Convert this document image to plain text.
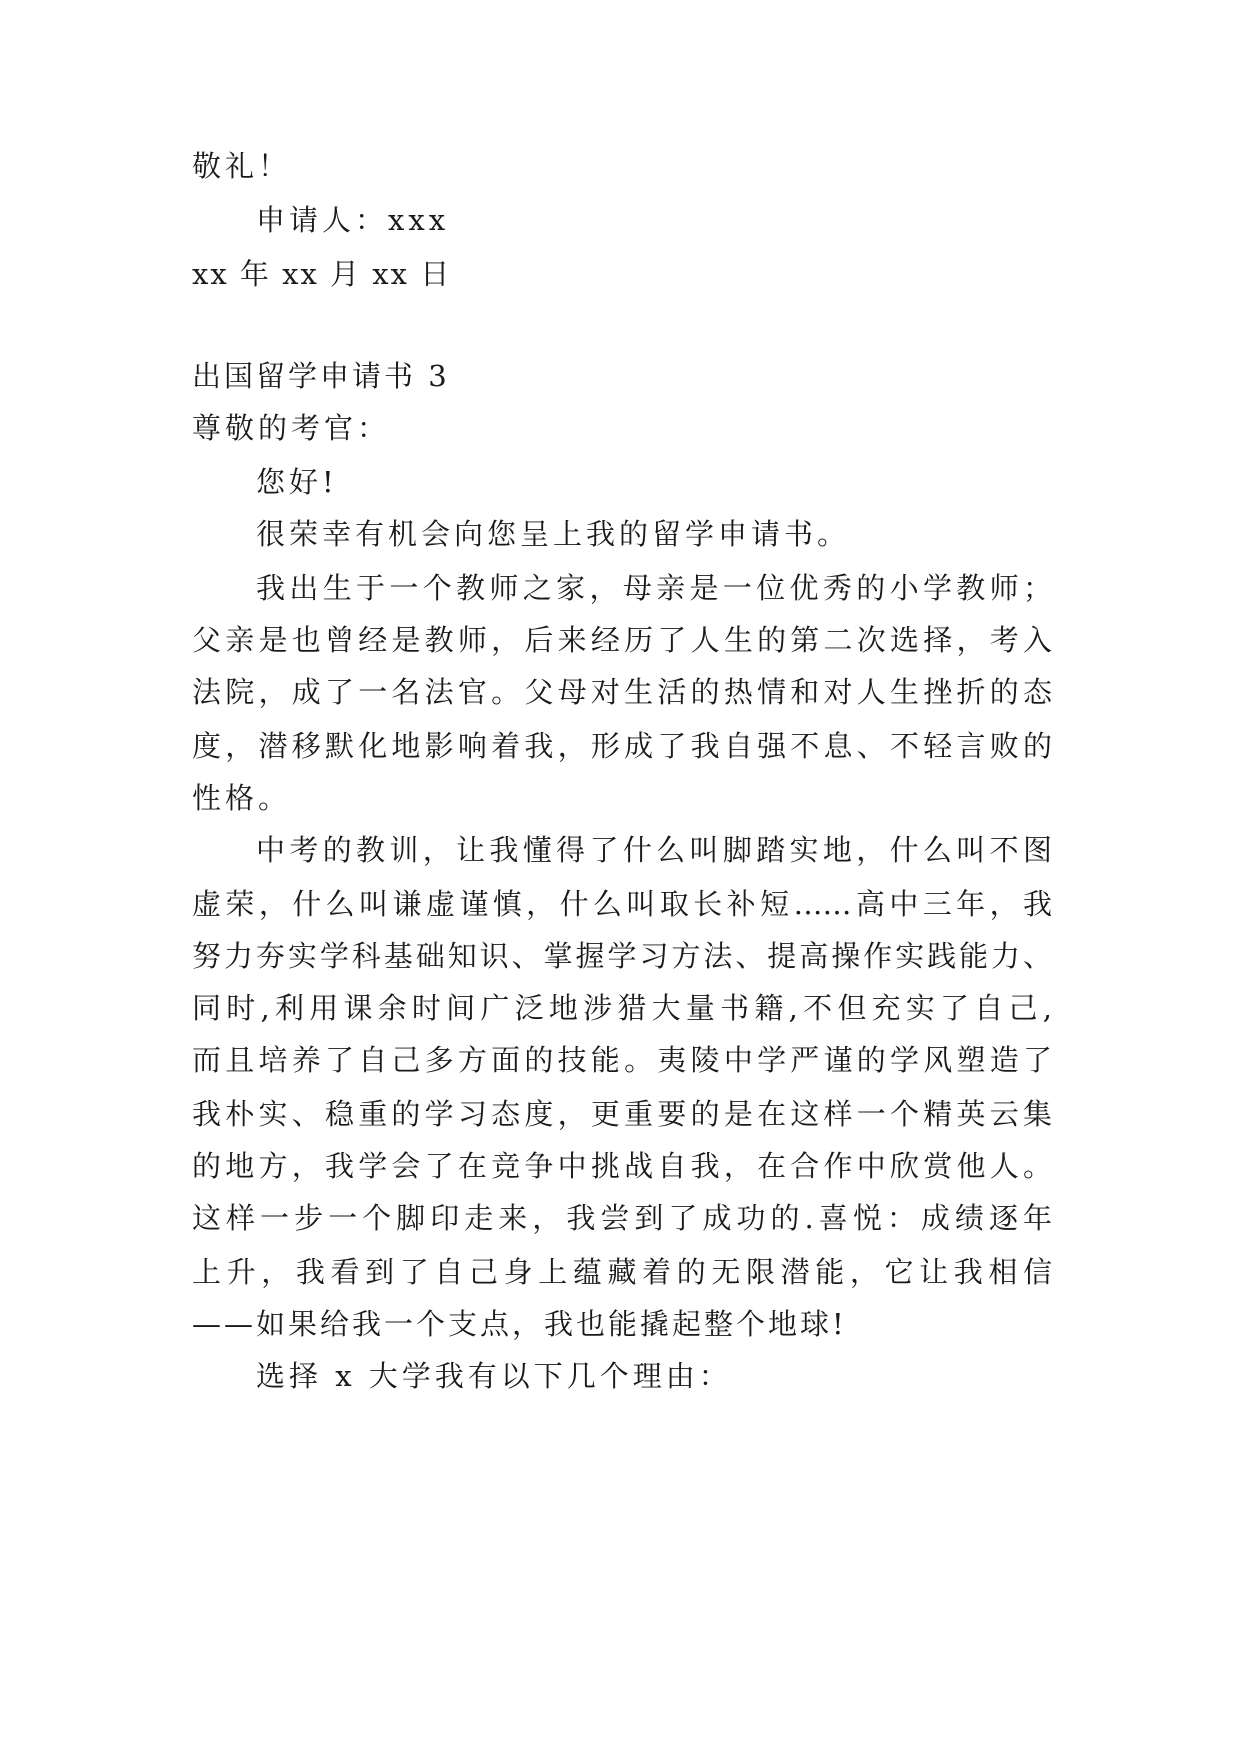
敬礼！
申请人：xxx
xx 年 xx 月 xx 日
出国留学申请书 3
尊敬的考官：
您好!
很荣幸有机会向您呈上我的留学申请书。
我出生于一个教师之家，母亲是一位优秀的小学教师；
父亲是也曾经是教师，后来经历了人生的第二次选择，考入
法院，成了一名法官。父母对生活的热情和对人生挫折的态
度，潜移默化地影响着我，形成了我自强不息、不轻言败的
性格。
中考的教训，让我懂得了什么叫脚踏实地，什么叫不图
虚荣，什么叫谦虚谨慎，什么叫取长补短……高中三年，我
努力夯实学科基础知识、掌握学习方法、提高操作实践能力、
同时,利用课余时间广泛地涉猎大量书籍,不但充实了自己,
而且培养了自己多方面的技能。夷陵中学严谨的学风塑造了
我朴实、稳重的学习态度，更重要的是在这样一个精英云集
的地方，我学会了在竞争中挑战自我，在合作中欣赏他人。
这样一步一个脚印走来，我尝到了成功的.喜悦：成绩逐年
上升，我看到了自己身上蕴藏着的无限潜能，它让我相信
——如果给我一个支点，我也能撬起整个地球!
选择 x 大学我有以下几个理由：
